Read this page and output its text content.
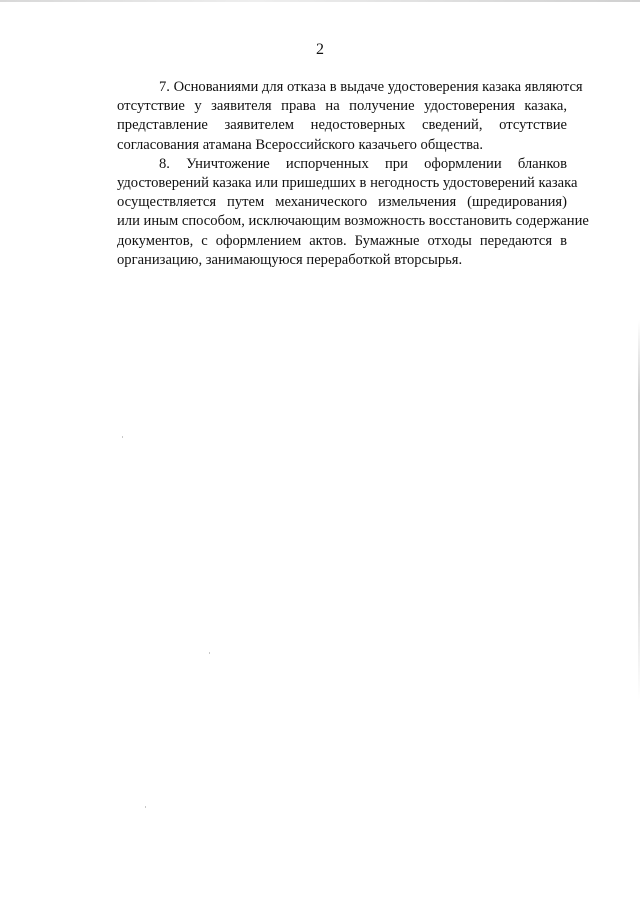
2
7. Основаниями для отказа в выдаче удостоверения казака являются
отсутствие у заявителя права на получение удостоверения казака,
представление заявителем недостоверных сведений, отсутствие
согласования атамана Всероссийского казачьего общества.
8. Уничтожение испорченных при оформлении бланков
удостоверений казака или пришедших в негодность удостоверений казака
осуществляется путем механического измельчения (шредирования)
или иным способом, исключающим возможность восстановить содержание
документов, с оформлением актов. Бумажные отходы передаются в
организацию, занимающуюся переработкой вторсырья.
